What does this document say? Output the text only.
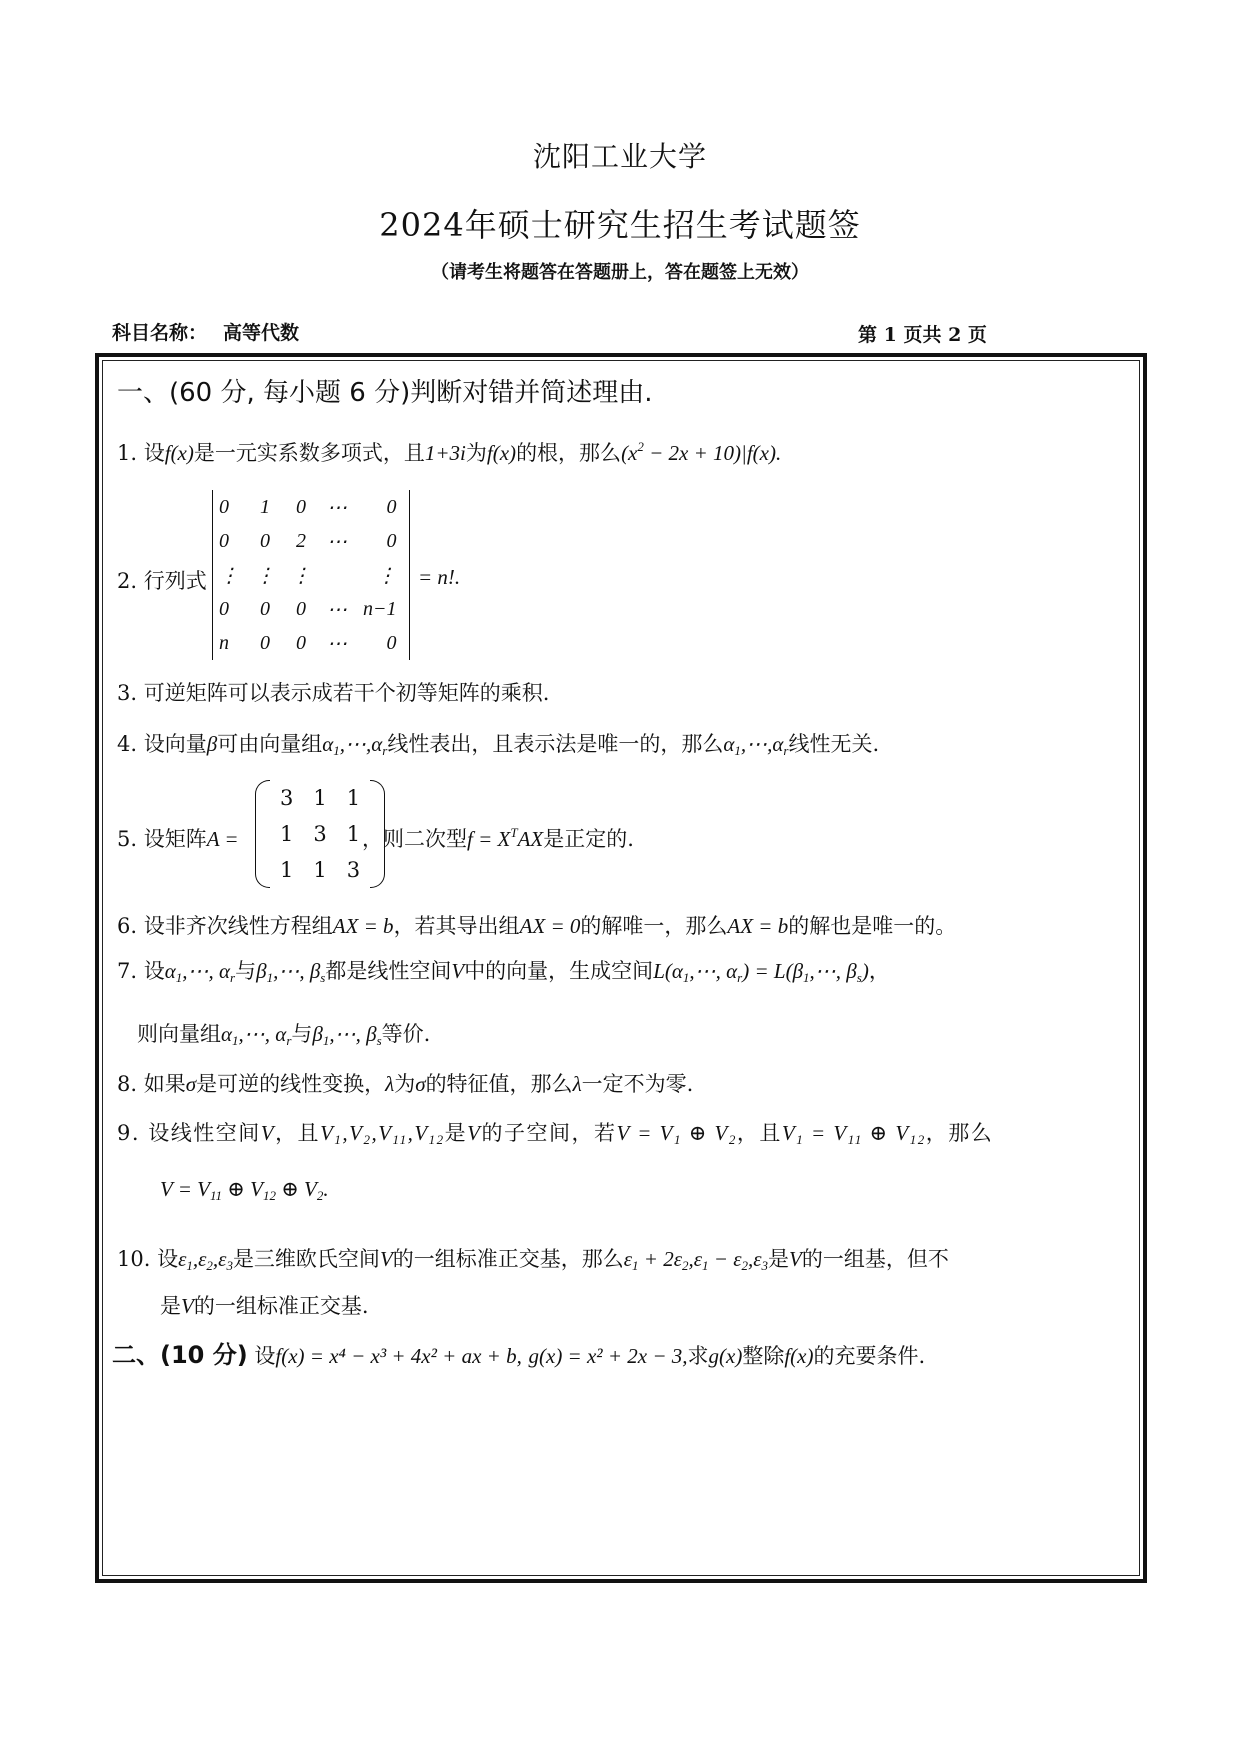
沈阳工业大学
2024年硕士研究生招生考试题签
（请考生将题答在答题册上，答在题签上无效）
科目名称： 高等代数	第 1 页共 2 页
一、(60 分, 每小题 6 分)判断对错并简述理由.
1. 设f(x)是一元实系数多项式，且1+3i为f(x)的根，那么$(x^2 - 2x + 10)|f(x)$.
2. 行列式
0	1	0	⋯	0
0	0	2	⋯	0
⋮	⋮	⋮		⋮
0	0	0	⋯	n−1
n	0	0	⋯	0
= n!.
3. 可逆矩阵可以表示成若干个初等矩阵的乘积.
4. 设向量β可由向量组$\alpha_1,\cdots,\alpha_r$线性表出，且表示法是唯一的，那么$\alpha_1,\cdots,\alpha_r$线性无关.
5. 设矩阵A =
3	1	1
1	3	1
1	1	3
，则二次型$f = X^TAX$是正定的.
6. 设非齐次线性方程组AX = b，若其导出组AX = 0的解唯一，那么AX = b的解也是唯一的。
7. 设$\alpha_1,\cdots$, $\alpha_r$与$\beta_1,\cdots$, $\beta_s$都是线性空间V中的向量，生成空间$L(\alpha_1,\cdots$, $\alpha_r$) = $L(\beta_1,\cdots$, $\beta_s$)，
则向量组$\alpha_1,\cdots$, $\alpha_r$与$\beta_1,\cdots$, $\beta_s$等价.
8. 如果σ是可逆的线性变换，λ为σ的特征值，那么λ一定不为零.
9. 设线性空间V，且$V_1,V_2,V_{11},V_{12}$是V的子空间，若$V = V_1$ ⊕ $V_2$，且$V_1 = V_{11}$ ⊕ $V_{12}$，那么
$V = V_{11}$ ⊕ $V_{12}$ ⊕ $V_2$.
10. 设$\varepsilon_1,\varepsilon_2,\varepsilon_3$是三维欧氏空间V的一组标准正交基，那么$\varepsilon_1 + 2\varepsilon_2,\varepsilon_1 - \varepsilon_2,\varepsilon_3$是V的一组基，但不
是V的一组标准正交基.
二、(10 分) 设f(x) = x⁴ − x³ + 4x² + ax + b, g(x) = x² + 2x − 3,求g(x)整除f(x)的充要条件.
